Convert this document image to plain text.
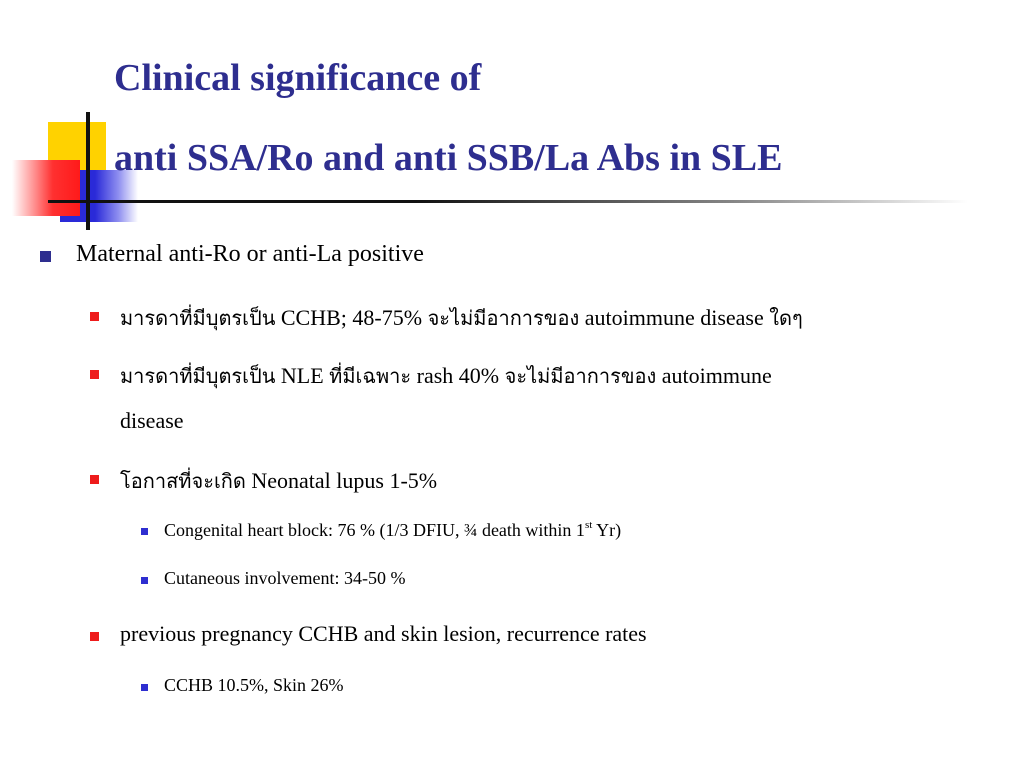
Clinical significance of
anti SSA/Ro and anti SSB/La Abs in SLE
Maternal anti-Ro or anti-La positive
มารดาที่มีบุตรเป็น CCHB; 48-75% จะไม่มีอาการของ autoimmune disease ใดๆ
มารดาที่มีบุตรเป็น NLE ที่มีเฉพาะ rash 40% จะไม่มีอาการของ autoimmune
disease
โอกาสที่จะเกิด Neonatal lupus 1-5%
Congenital heart block: 76 % (1/3 DFIU, ¾ death within 1st Yr)
Cutaneous involvement: 34-50 %
previous pregnancy CCHB and skin lesion, recurrence rates
CCHB 10.5%, Skin 26%
